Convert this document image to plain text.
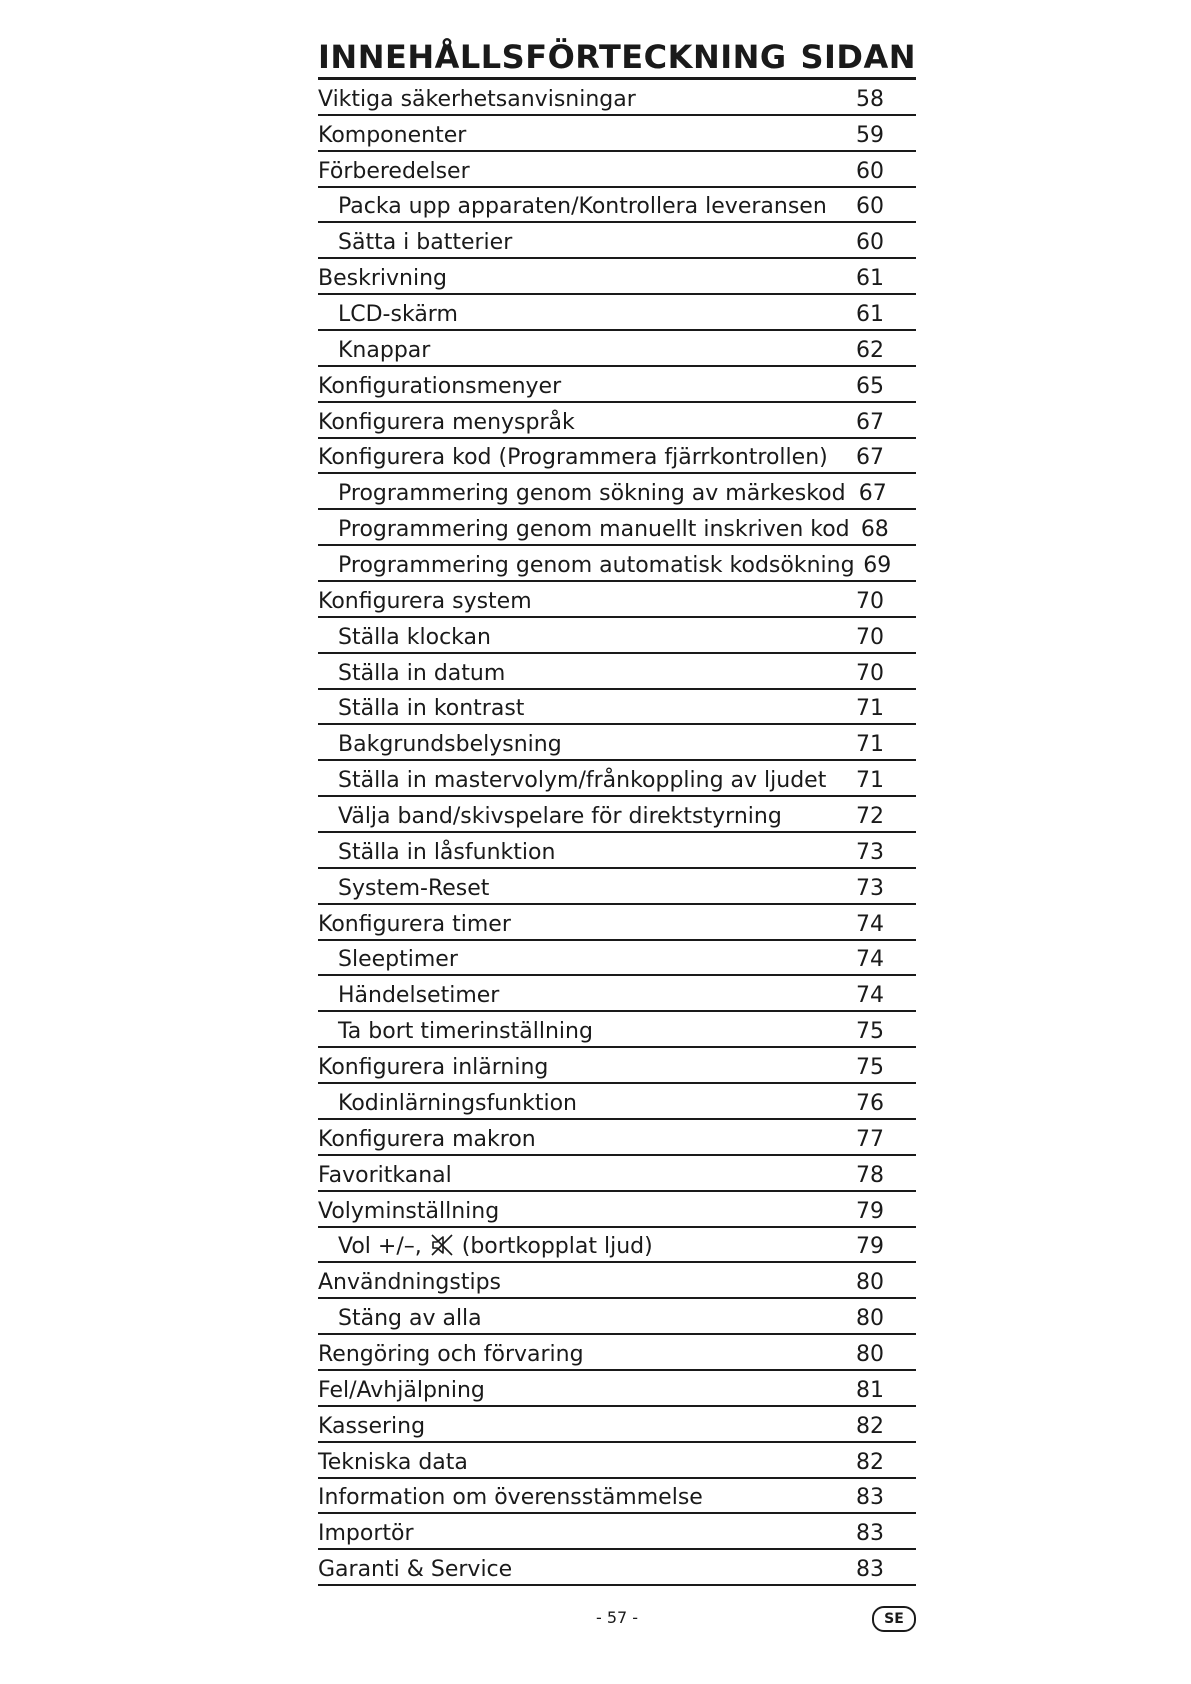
INNEHÅLLSFÖRTECKNING SIDAN
Viktiga säkerhetsanvisningar	58
Komponenter	59
Förberedelser	60
Packa upp apparaten/Kontrollera leveransen	60
Sätta i batterier	60
Beskrivning	61
LCD-skärm	61
Knappar	62
Konfigurationsmenyer	65
Konfigurera menyspråk	67
Konfigurera kod (Programmera fjärrkontrollen)	67
Programmering genom sökning av märkeskod 67
Programmering genom manuellt inskriven kod 68
Programmering genom automatisk kodsökning 69
Konfigurera system	70
Ställa klockan	70
Ställa in datum	70
Ställa in kontrast	71
Bakgrundsbelysning	71
Ställa in mastervolym/frånkoppling av ljudet	71
Välja band/skivspelare för direktstyrning	72
Ställa in låsfunktion	73
System-Reset	73
Konfigurera timer	74
Sleeptimer	74
Händelsetimer	74
Ta bort timerinställning	75
Konfigurera inlärning	75
Kodinlärningsfunktion	76
Konfigurera makron	77
Favoritkanal	78
Volyminställning	79
Vol +/–, (bortkopplat ljud)	79
Användningstips	80
Stäng av alla	80
Rengöring och förvaring	80
Fel/Avhjälpning	81
Kassering	82
Tekniska data	82
Information om överensstämmelse	83
Importör	83
Garanti & Service	83
- 57 -	SE
